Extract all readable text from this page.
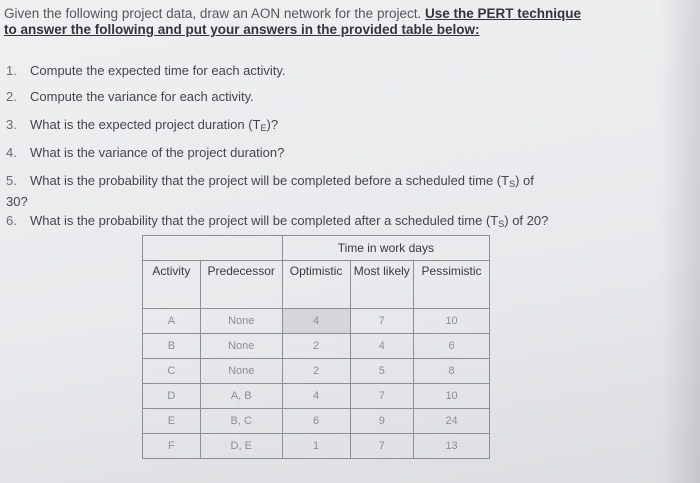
Given the following project data, draw an AON network for the project. Use the PERT technique
to answer the following and put your answers in the provided table below:
1. Compute the expected time for each activity.
2. Compute the variance for each activity.
3. What is the expected project duration $(T_E)$?
4. What is the variance of the project duration?
5. What is the probability that the project will be completed before a scheduled time $(T_S)$ of
30?
6. What is the probability that the project will be completed after a scheduled time $(T_S)$ of 20?
		Time in work days		
Activity	Predecessor	Optimistic	Most likely	Pessimistic
A	None	4	7	10
B	None	2	4	6
C	None	2	5	8
D	A, B	4	7	10
E	B, C	6	9	24
F	D, E	1	7	13
